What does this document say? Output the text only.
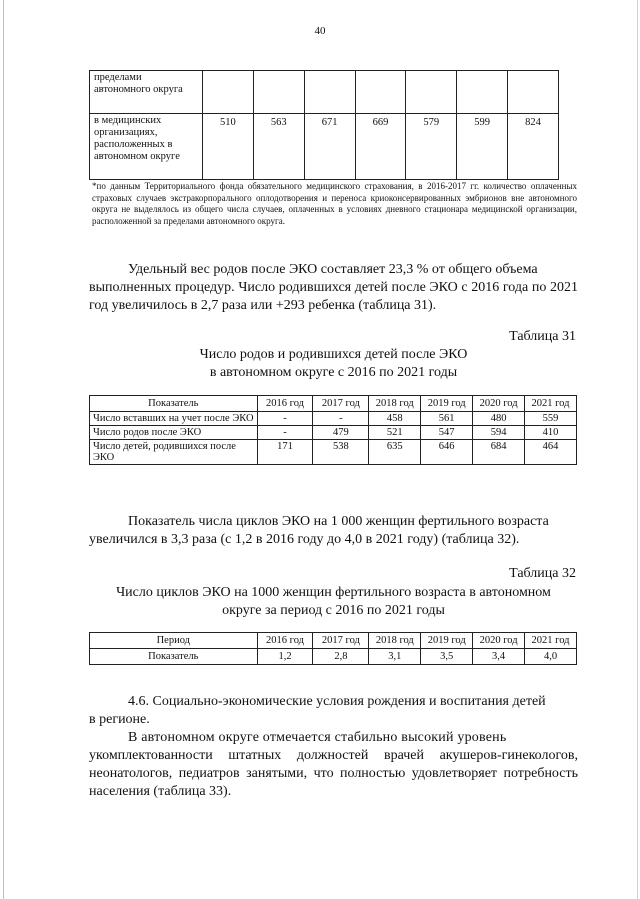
40
пределами автономного округа							
в медицинских организациях, расположенных в автономном округе	510	563	671	669	579	599	824
*по данным Территориального фонда обязательного медицинского страхования, в 2016-2017 гг. количество оплаченных страховых случаев экстракорпорального оплодотворения и переноса криоконсервированных эмбрионов вне автономного округа не выделялось из общего числа случаев, оплаченных в условиях дневного стационара медицинской организации, расположенной за пределами автономного округа.
Удельный вес родов после ЭКО составляет 23,3 % от общего объема
выполненных процедур. Число родившихся детей после ЭКО с 2016 года по 2021 год увеличилось в 2,7 раза или +293 ребенка (таблица 31).
Таблица 31
Число родов и родившихся детей после ЭКО
в автономном округе с 2016 по 2021 годы
Показатель	2016 год	2017 год	2018 год	2019 год	2020 год	2021 год
Число вставших на учет после ЭКО	-	-	458	561	480	559
Число родов после ЭКО	-	479	521	547	594	410
Число детей, родившихся после ЭКО	171	538	635	646	684	464
Показатель числа циклов ЭКО на 1 000 женщин фертильного возраста
увеличился в 3,3 раза (с 1,2 в 2016 году до 4,0 в 2021 году) (таблица 32).
Таблица 32
Число циклов ЭКО на 1000 женщин фертильного возраста в автономном
округе за период с 2016 по 2021 годы
Период	2016 год	2017 год	2018 год	2019 год	2020 год	2021 год
Показатель	1,2	2,8	3,1	3,5	3,4	4,0
4.6. Социально-экономические условия рождения и воспитания детей
в регионе.
В автономном округе отмечается стабильно высокий уровень
укомплектованности штатных должностей врачей акушеров-гинекологов, неонатологов, педиатров занятыми, что полностью удовлетворяет потребность населения (таблица 33).
